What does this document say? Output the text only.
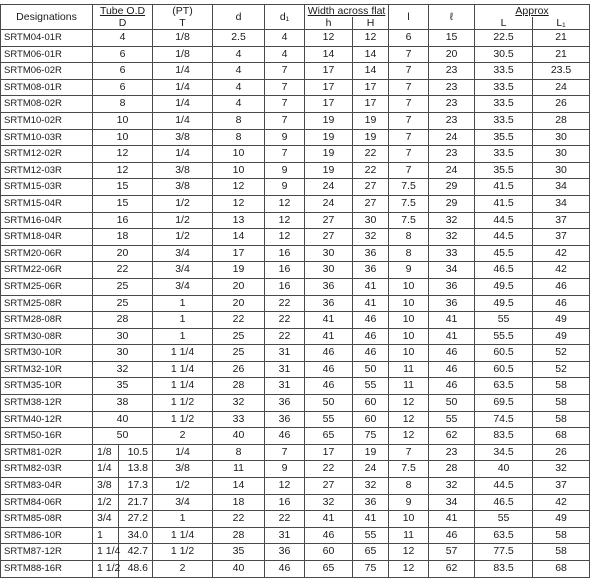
Designations	Tube O.D		(PT)	d	d₁	Width across flat		l	ℓ	Approx	
	D		T			h	H			L	L₁
SRTM04-01R	4		1/8	2.5	4	12	12	6	15	22.5	21
SRTM06-01R	6		1/8	4	4	14	14	7	20	30.5	21
SRTM06-02R	6		1/4	4	7	17	14	7	23	33.5	23.5
SRTM08-01R	6		1/4	4	7	17	17	7	23	33.5	24
SRTM08-02R	8		1/4	4	7	17	17	7	23	33.5	26
SRTM10-02R	10		1/4	8	7	19	19	7	23	33.5	28
SRTM10-03R	10		3/8	8	9	19	19	7	24	35.5	30
SRTM12-02R	12		1/4	10	7	19	22	7	23	33.5	30
SRTM12-03R	12		3/8	10	9	19	22	7	24	35.5	30
SRTM15-03R	15		3/8	12	9	24	27	7.5	29	41.5	34
SRTM15-04R	15		1/2	12	12	24	27	7.5	29	41.5	34
SRTM16-04R	16		1/2	13	12	27	30	7.5	32	44.5	37
SRTM18-04R	18		1/2	14	12	27	32	8	32	44.5	37
SRTM20-06R	20		3/4	17	16	30	36	8	33	45.5	42
SRTM22-06R	22		3/4	19	16	30	36	9	34	46.5	42
SRTM25-06R	25		3/4	20	16	36	41	10	36	49.5	46
SRTM25-08R	25		1	20	22	36	41	10	36	49.5	46
SRTM28-08R	28		1	22	22	41	46	10	41	55	49
SRTM30-08R	30		1	25	22	41	46	10	41	55.5	49
SRTM30-10R	30		1 1/4	25	31	46	46	10	46	60.5	52
SRTM32-10R	32		1 1/4	26	31	46	50	11	46	60.5	52
SRTM35-10R	35		1 1/4	28	31	46	55	11	46	63.5	58
SRTM38-12R	38		1 1/2	32	36	50	60	12	50	69.5	58
SRTM40-12R	40		1 1/2	33	36	55	60	12	55	74.5	58
SRTM50-16R	50		2	40	46	65	75	12	62	83.5	68
SRTM81-02R	1/8	10.5	1/4	8	7	17	19	7	23	34.5	26
SRTM82-03R	1/4	13.8	3/8	11	9	22	24	7.5	28	40	32
SRTM83-04R	3/8	17.3	1/2	14	12	27	32	8	32	44.5	37
SRTM84-06R	1/2	21.7	3/4	18	16	32	36	9	34	46.5	42
SRTM85-08R	3/4	27.2	1	22	22	41	41	10	41	55	49
SRTM86-10R	1	34.0	1 1/4	28	31	46	55	11	46	63.5	58
SRTM87-12R	1 1/4	42.7	1 1/2	35	36	60	65	12	57	77.5	58
SRTM88-16R	1 1/2	48.6	2	40	46	65	75	12	62	83.5	68
